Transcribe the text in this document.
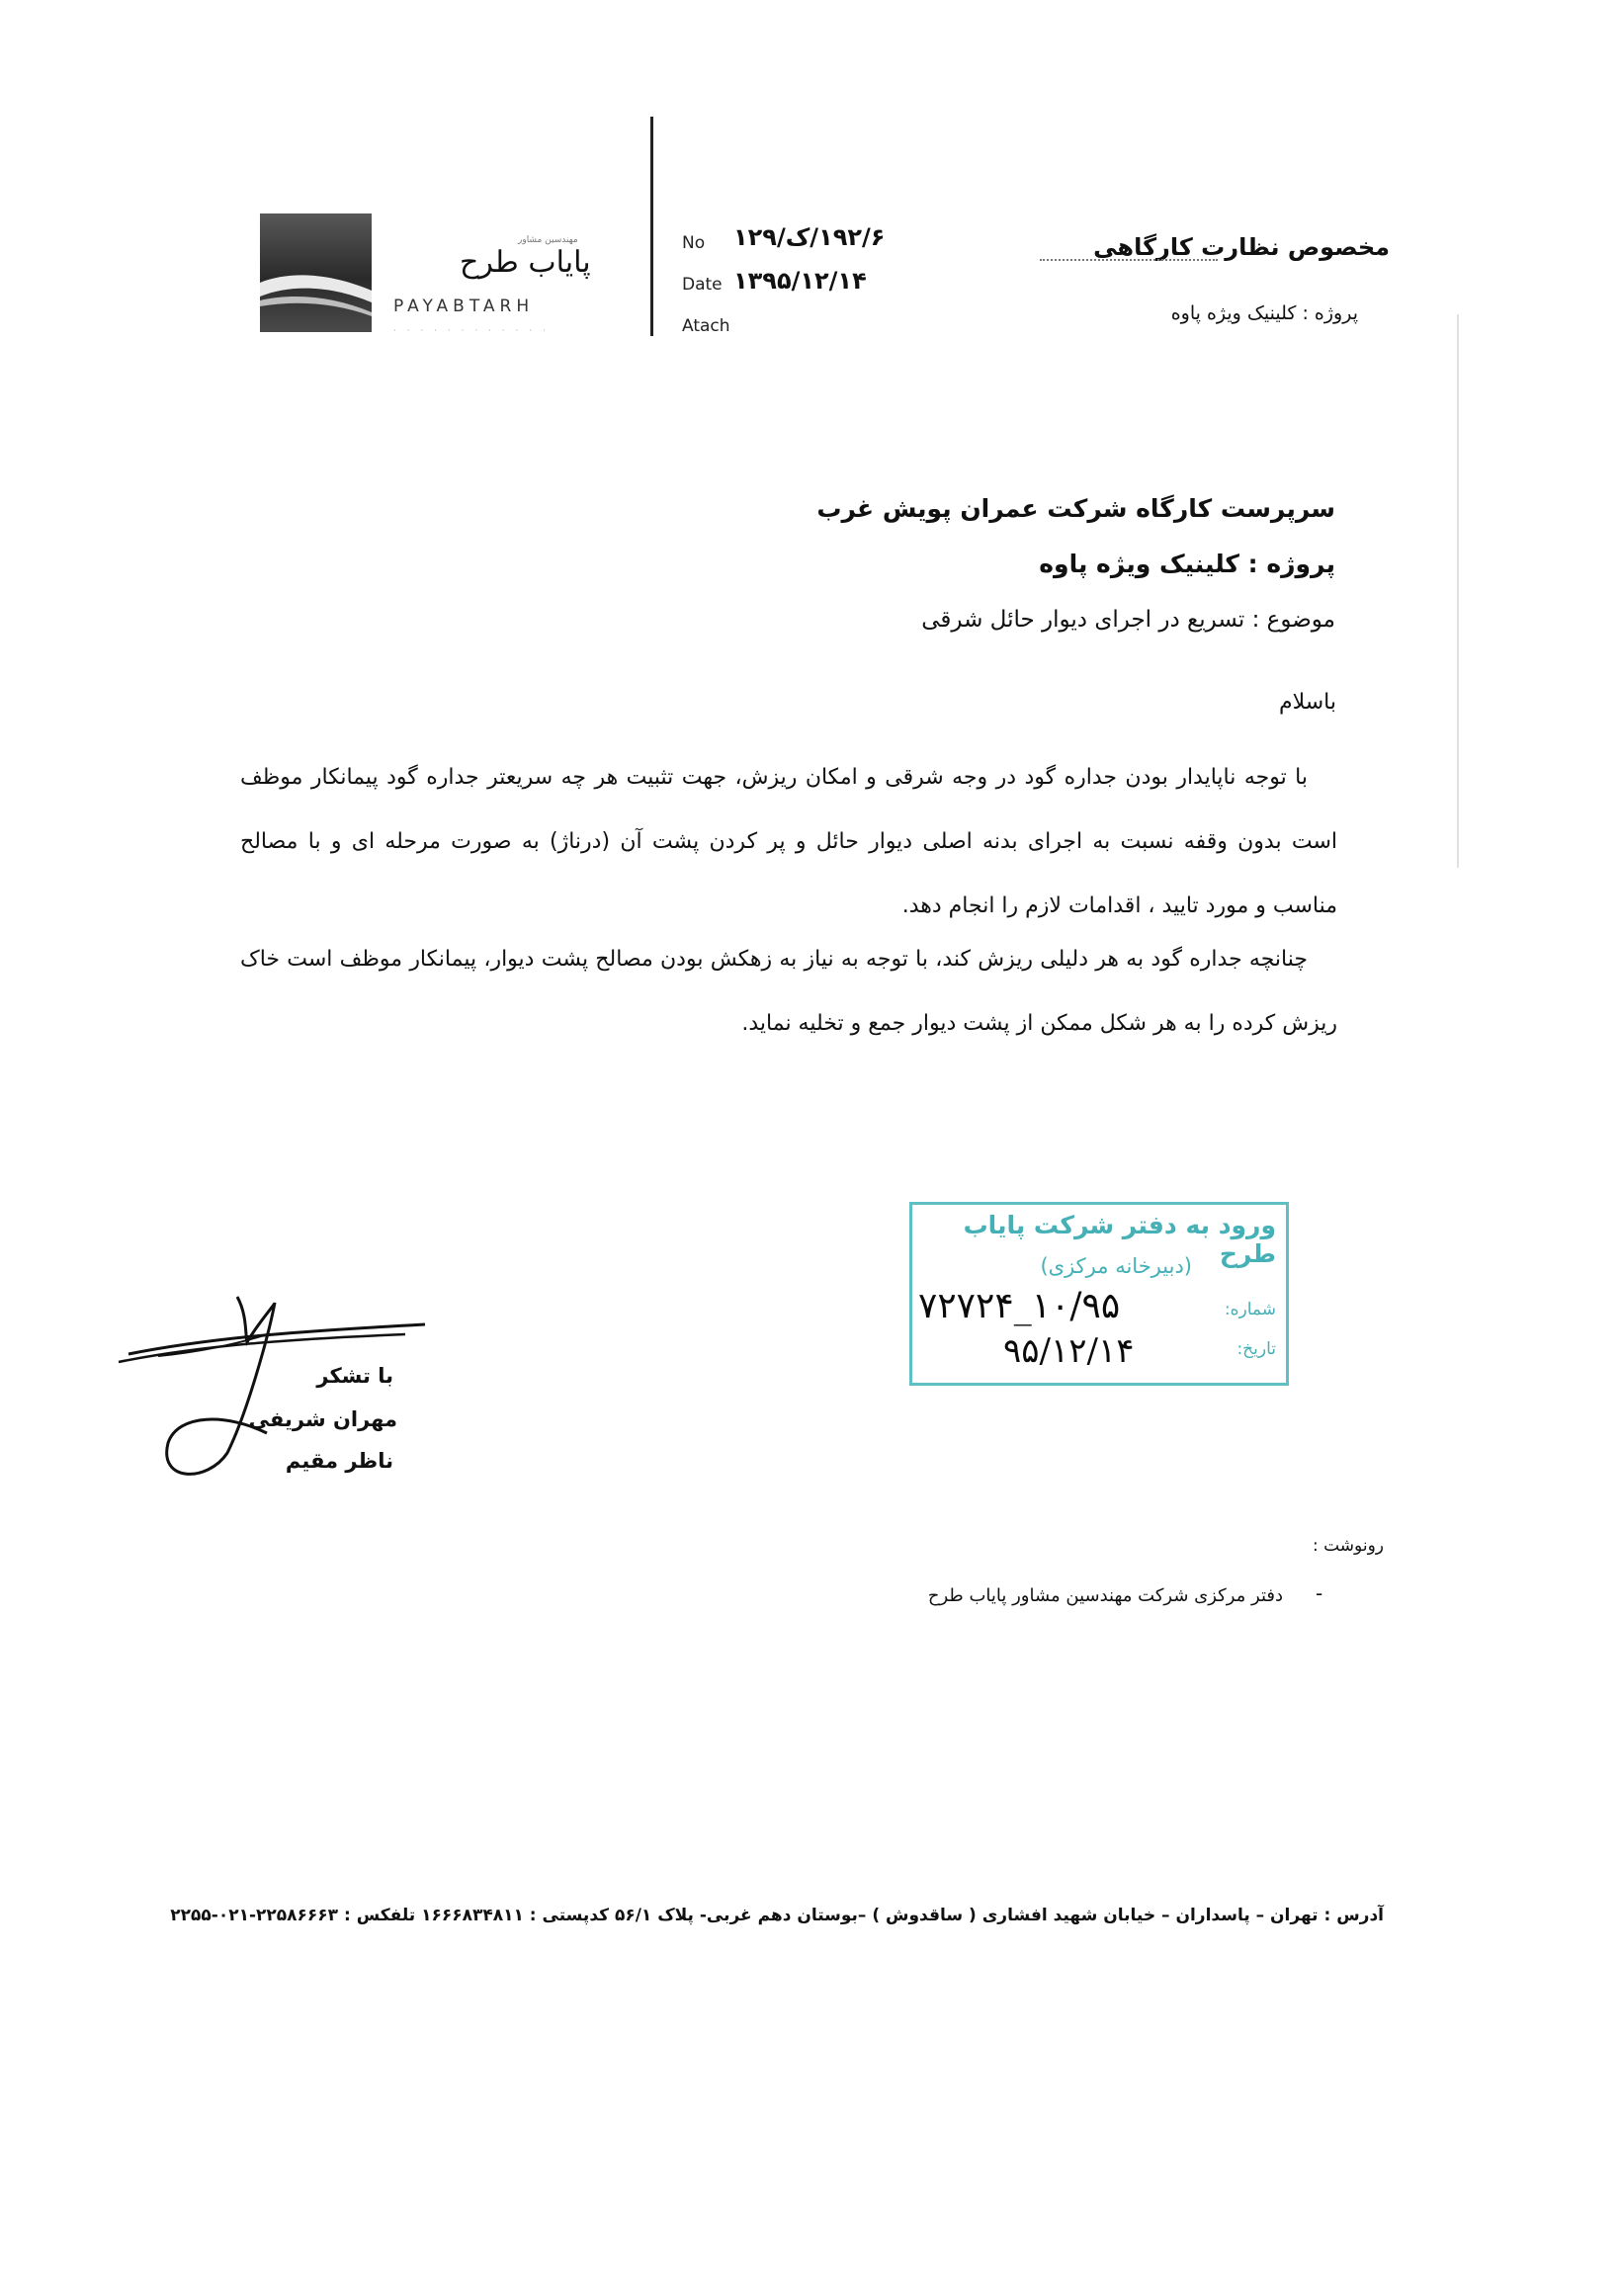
مهندسین مشاور
پایاب طرح
PAYABTARH
· · · · · · · · · · · ·
No ۱۹۲/۶/ک/۱۲۹
Date ۱۳۹۵/۱۲/۱۴
Atach
مخصوص نظارت کارگاهی
پروژه : کلینیک ویژه پاوه
سرپرست کارگاه شرکت عمران پویش غرب
پروژه : کلینیک ویژه پاوه
موضوع : تسریع در اجرای دیوار حائل شرقی
باسلام
با توجه ناپایدار بودن جداره گود در وجه شرقی و امکان ریزش، جهت تثبیت هر چه سریعتر جداره گود پیمانکار موظف است بدون وقفه نسبت به اجرای بدنه اصلی دیوار حائل و پر کردن پشت آن (درناژ) به صورت مرحله ای و با مصالح مناسب و مورد تایید ، اقدامات لازم را انجام دهد.
چنانچه جداره گود به هر دلیلی ریزش کند، با توجه به نیاز به زهکش بودن مصالح پشت دیوار، پیمانکار موظف است خاک ریزش کرده را به هر شکل ممکن از پشت دیوار جمع و تخلیه نماید.
ورود به دفتر شرکت پایاب طرح
(دبیرخانه مرکزی)
شماره:
تاریخ:
۱۰/۹۵_۷۲۷۲۴
۹۵/۱۲/۱۴
با تشکر
مهران شریفی
ناظر مقیم
رونوشت :
-
دفتر مرکزی شرکت مهندسین مشاور پایاب طرح
آدرس : تهران – پاسداران – خیابان شهید افشاری ( ساقدوش ) –بوستان دهم غربی- پلاک ۵۶/۱ کدپستی : ۱۶۶۶۸۳۴۸۱۱ تلفکس : ۲۲۵۸۶۶۶۳-۰۲۱-۲۲۵۵
